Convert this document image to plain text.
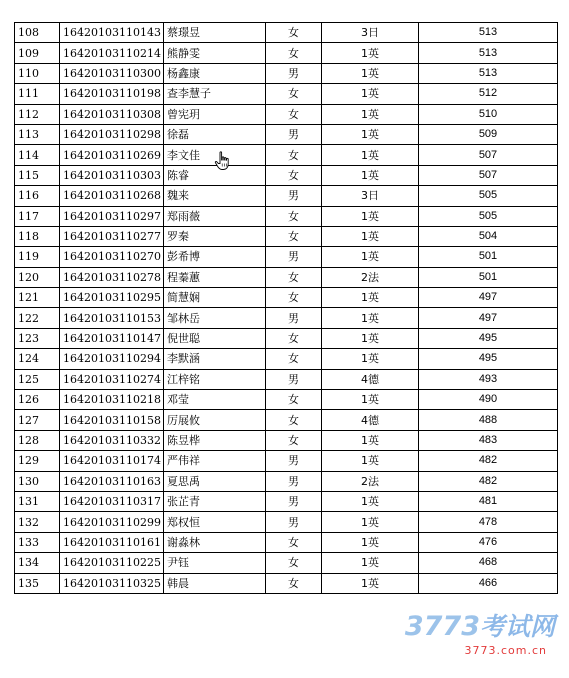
108	16420103110143	蔡璟昱	女	3日	513
109	16420103110214	熊静雯	女	1英	513
110	16420103110300	杨鑫康	男	1英	513
111	16420103110198	查李慧子	女	1英	512
112	16420103110308	曾宪玥	女	1英	510
113	16420103110298	徐磊	男	1英	509
114	16420103110269	李文佳	女	1英	507
115	16420103110303	陈睿	女	1英	507
116	16420103110268	魏来	男	3日	505
117	16420103110297	郑雨薇	女	1英	505
118	16420103110277	罗秦	女	1英	504
119	16420103110270	彭希博	男	1英	501
120	16420103110278	程蓁蕙	女	2法	501
121	16420103110295	简慧娴	女	1英	497
122	16420103110153	邹林岳	男	1英	497
123	16420103110147	倪世聪	女	1英	495
124	16420103110294	李默涵	女	1英	495
125	16420103110274	江梓铭	男	4德	493
126	16420103110218	邓莹	女	1英	490
127	16420103110158	厉展攸	女	4德	488
128	16420103110332	陈昱桦	女	1英	483
129	16420103110174	严伟祥	男	1英	482
130	16420103110163	夏思禹	男	2法	482
131	16420103110317	张芷青	男	1英	481
132	16420103110299	郑权恒	男	1英	478
133	16420103110161	谢淼林	女	1英	476
134	16420103110225	尹钰	女	1英	468
135	16420103110325	韩晨	女	1英	466
3773考试网
3773.com.cn
